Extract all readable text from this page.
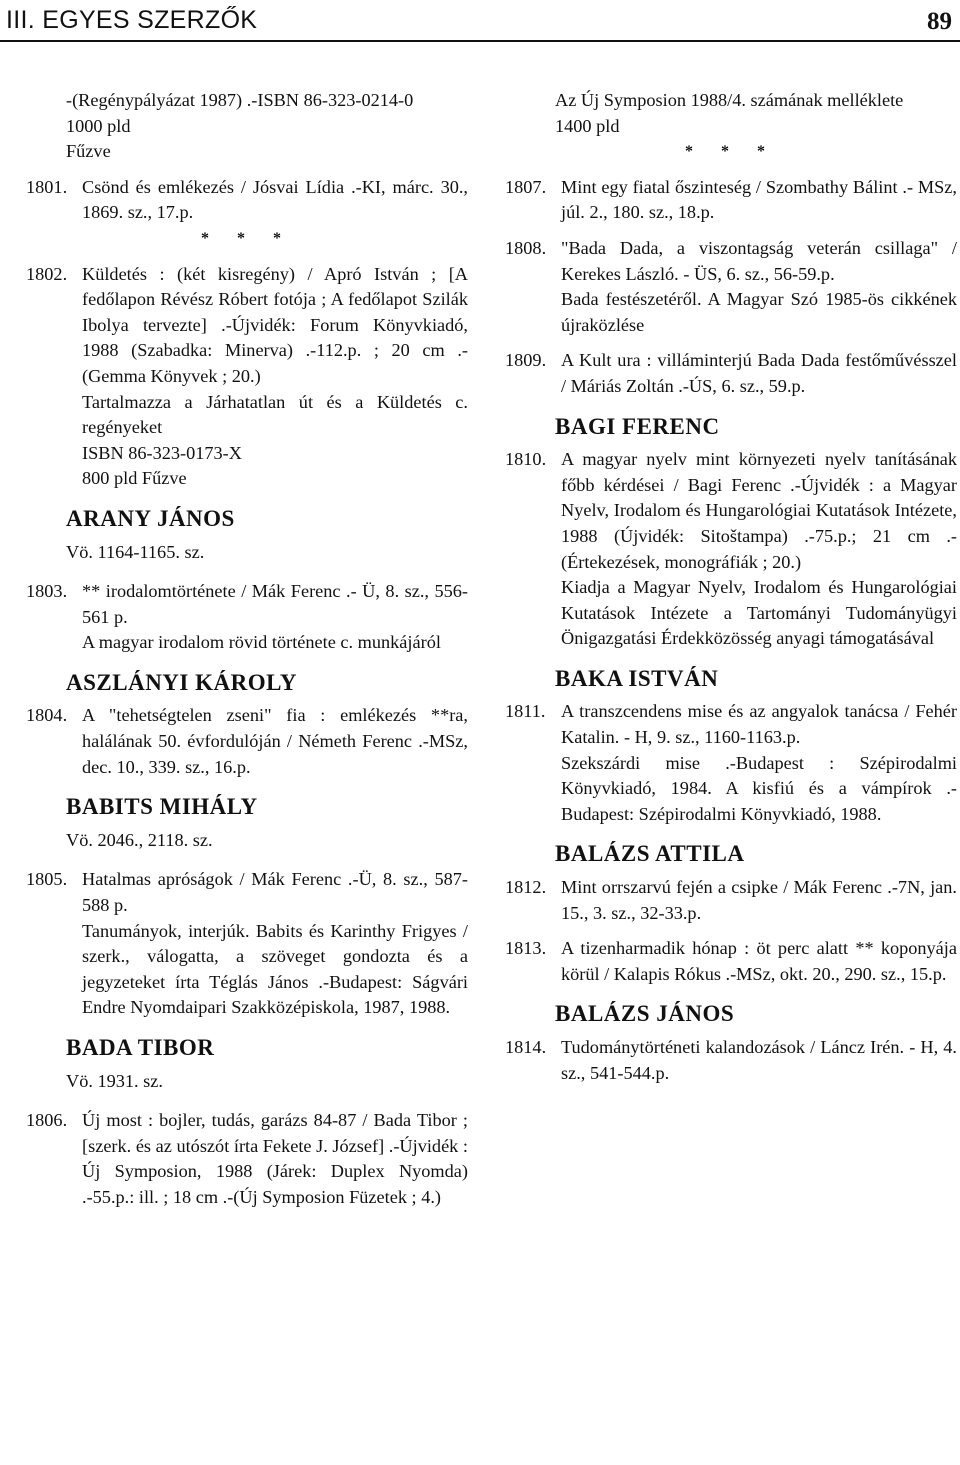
III. EGYES SZERZŐK	89
-(Regénypályázat 1987) .-ISBN 86-323-0214-0
1000 pld
Fűzve
1801. Csönd és emlékezés / Jósvai Lídia .-KI, márc. 30., 1869. sz., 17.p.
* * *
1802. Küldetés : (két kisregény) / Apró István ; [A fedőlapon Révész Róbert fotója ; A fedőlapot Szilák Ibolya tervezte] .-Újvidék: Forum Könyvkiadó, 1988 (Szabadka: Minerva) .-112.p. ; 20 cm .-(Gemma Könyvek ; 20.)
Tartalmazza a Járhatatlan út és a Küldetés c. regényeket
ISBN 86-323-0173-X
800 pld Fűzve
ARANY JÁNOS
Vö. 1164-1165. sz.
1803. ** irodalomtörténete / Mák Ferenc .- Ü, 8. sz., 556-561 p.
A magyar irodalom rövid története c. munkájáról
ASZLÁNYI KÁROLY
1804. A "tehetségtelen zseni" fia : emlékezés **ra, halálának 50. évfordulóján / Németh Ferenc .-MSz, dec. 10., 339. sz., 16.p.
BABITS MIHÁLY
Vö. 2046., 2118. sz.
1805. Hatalmas apróságok / Mák Ferenc .-Ü, 8. sz., 587-588 p.
Tanumányok, interjúk. Babits és Karinthy Frigyes / szerk., válogatta, a szöveget gondozta és a jegyzeteket írta Téglás János .-Budapest: Ságvári Endre Nyomdaipari Szakközépiskola, 1987, 1988.
BADA TIBOR
Vö. 1931. sz.
1806. Új most : bojler, tudás, garázs 84-87 / Bada Tibor ; [szerk. és az utószót írta Fekete J. József] .-Újvidék : Új Symposion, 1988 (Járek: Duplex Nyomda) .-55.p.: ill. ; 18 cm .-(Új Symposion Füzetek ; 4.)
Az Új Symposion 1988/4. számának melléklete
1400 pld
* * *
1807. Mint egy fiatal őszinteség / Szombathy Bálint .- MSz, júl. 2., 180. sz., 18.p.
1808. "Bada Dada, a viszontagság veterán csillaga" / Kerekes László. - ÜS, 6. sz., 56-59.p.
Bada festészetéről. A Magyar Szó 1985-ös cikkének újraközlése
1809. A Kult ura : villáminterjú Bada Dada festőművésszel / Máriás Zoltán .-ÚS, 6. sz., 59.p.
BAGI FERENC
1810. A magyar nyelv mint környezeti nyelv tanításának főbb kérdései / Bagi Ferenc .-Újvidék : a Magyar Nyelv, Irodalom és Hungarológiai Kutatások Intézete, 1988 (Újvidék: Sitoštampa) .-75.p.; 21 cm .-(Értekezések, monográfiák ; 20.)
Kiadja a Magyar Nyelv, Irodalom és Hungarológiai Kutatások Intézete a Tartományi Tudományügyi Önigazgatási Érdekközösség anyagi támogatásával
BAKA ISTVÁN
1811. A transzcendens mise és az angyalok tanácsa / Fehér Katalin. - H, 9. sz., 1160-1163.p.
Szekszárdi mise .-Budapest : Szépirodalmi Könyvkiadó, 1984. A kisfiú és a vámpírok .-Budapest: Szépirodalmi Könyvkiadó, 1988.
BALÁZS ATTILA
1812. Mint orrszarvú fején a csipke / Mák Ferenc .-7N, jan. 15., 3. sz., 32-33.p.
1813. A tizenharmadik hónap : öt perc alatt ** koponyája körül / Kalapis Rókus .-MSz, okt. 20., 290. sz., 15.p.
BALÁZS JÁNOS
1814. Tudománytörténeti kalandozások / Láncz Irén. - H, 4. sz., 541-544.p.
